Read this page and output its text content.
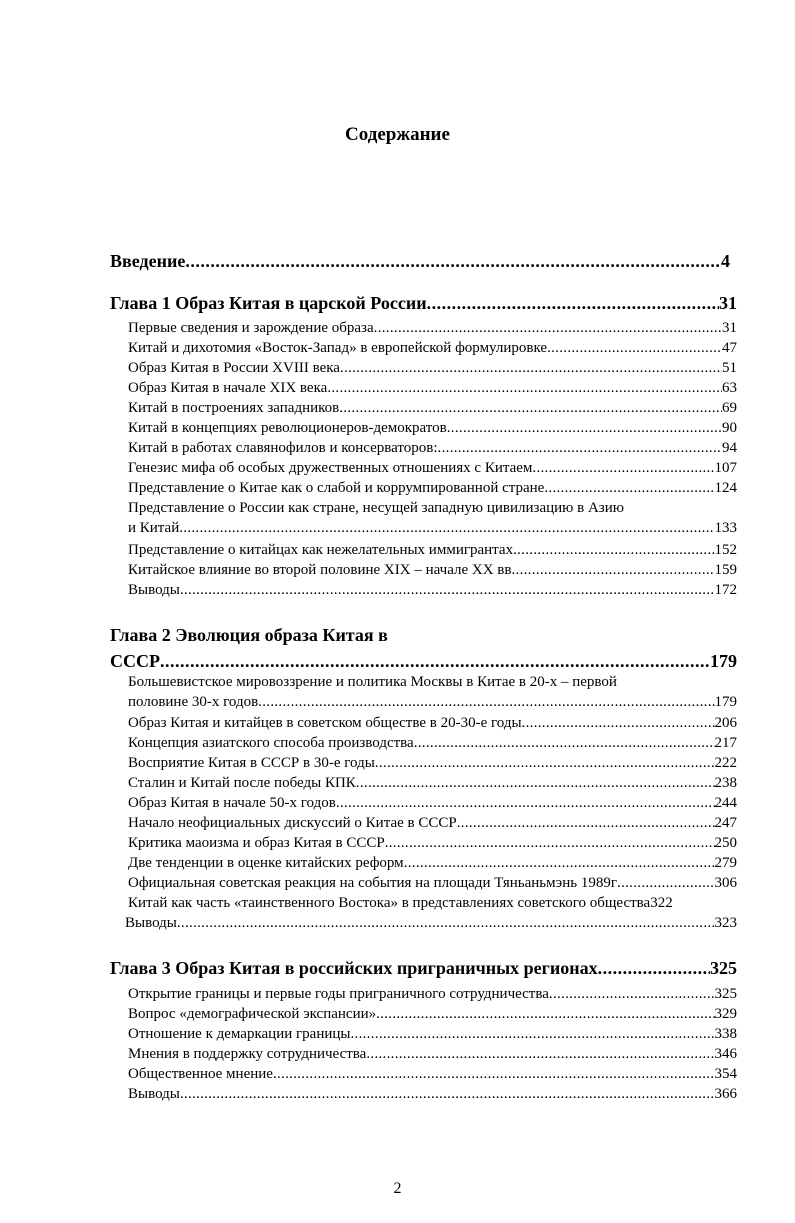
Содержание
Введение .....	4
Глава 1 Образ Китая в царской России .....	31
Первые сведения и зарождение образа .....	31
Китай и дихотомия «Восток-Запад» в европейской формулировке .....	47
Образ Китая в России XVIII века .....	51
Образ Китая в начале XIX века .....	63
Китай в построениях западников .....	69
Китай в концепциях революционеров-демократов .....	90
Китай в работах славянофилов и консерваторов: .....	94
Генезис мифа об особых дружественных отношениях с Китаем .....	107
Представление о Китае как о слабой и коррумпированной стране .....	124
Представление о России как стране, несущей западную цивилизацию в Азию
и Китай .....	133
Представление о китайцах как нежелательных иммигрантах .....	152
Китайское влияние во второй половине XIX – начале XX вв .....	159
Выводы .....	172
Глава 2 Эволюция образа Китая в
СССР .....	179
Большевистское мировоззрение и политика Москвы в Китае в 20-х – первой
половине 30-х годов .....	179
Образ Китая и китайцев в советском обществе в 20-30-е годы .....	206
Концепция азиатского способа производства .....	217
Восприятие Китая в СССР в 30-е годы .....	222
Сталин и Китай после победы КПК .....	238
Образ Китая в начале 50-х годов .....	244
Начало неофициальных дискуссий о Китае в СССР .....	247
Критика маоизма и образ Китая в СССР .....	250
Две тенденции в оценке китайских реформ .....	279
Официальная советская реакция на события на площади Тяньаньмэнь 1989г .....	306
Китай как часть «таинственного Востока» в представлениях советского общества 322
Выводы .....	323
Глава 3 Образ Китая в российских приграничных регионах .....	325
Открытие границы и первые годы приграничного сотрудничества .....	325
Вопрос «демографической экспансии» .....	329
Отношение к демаркации границы .....	338
Мнения в поддержку сотрудничества .....	346
Общественное мнение .....	354
Выводы .....	366
2
